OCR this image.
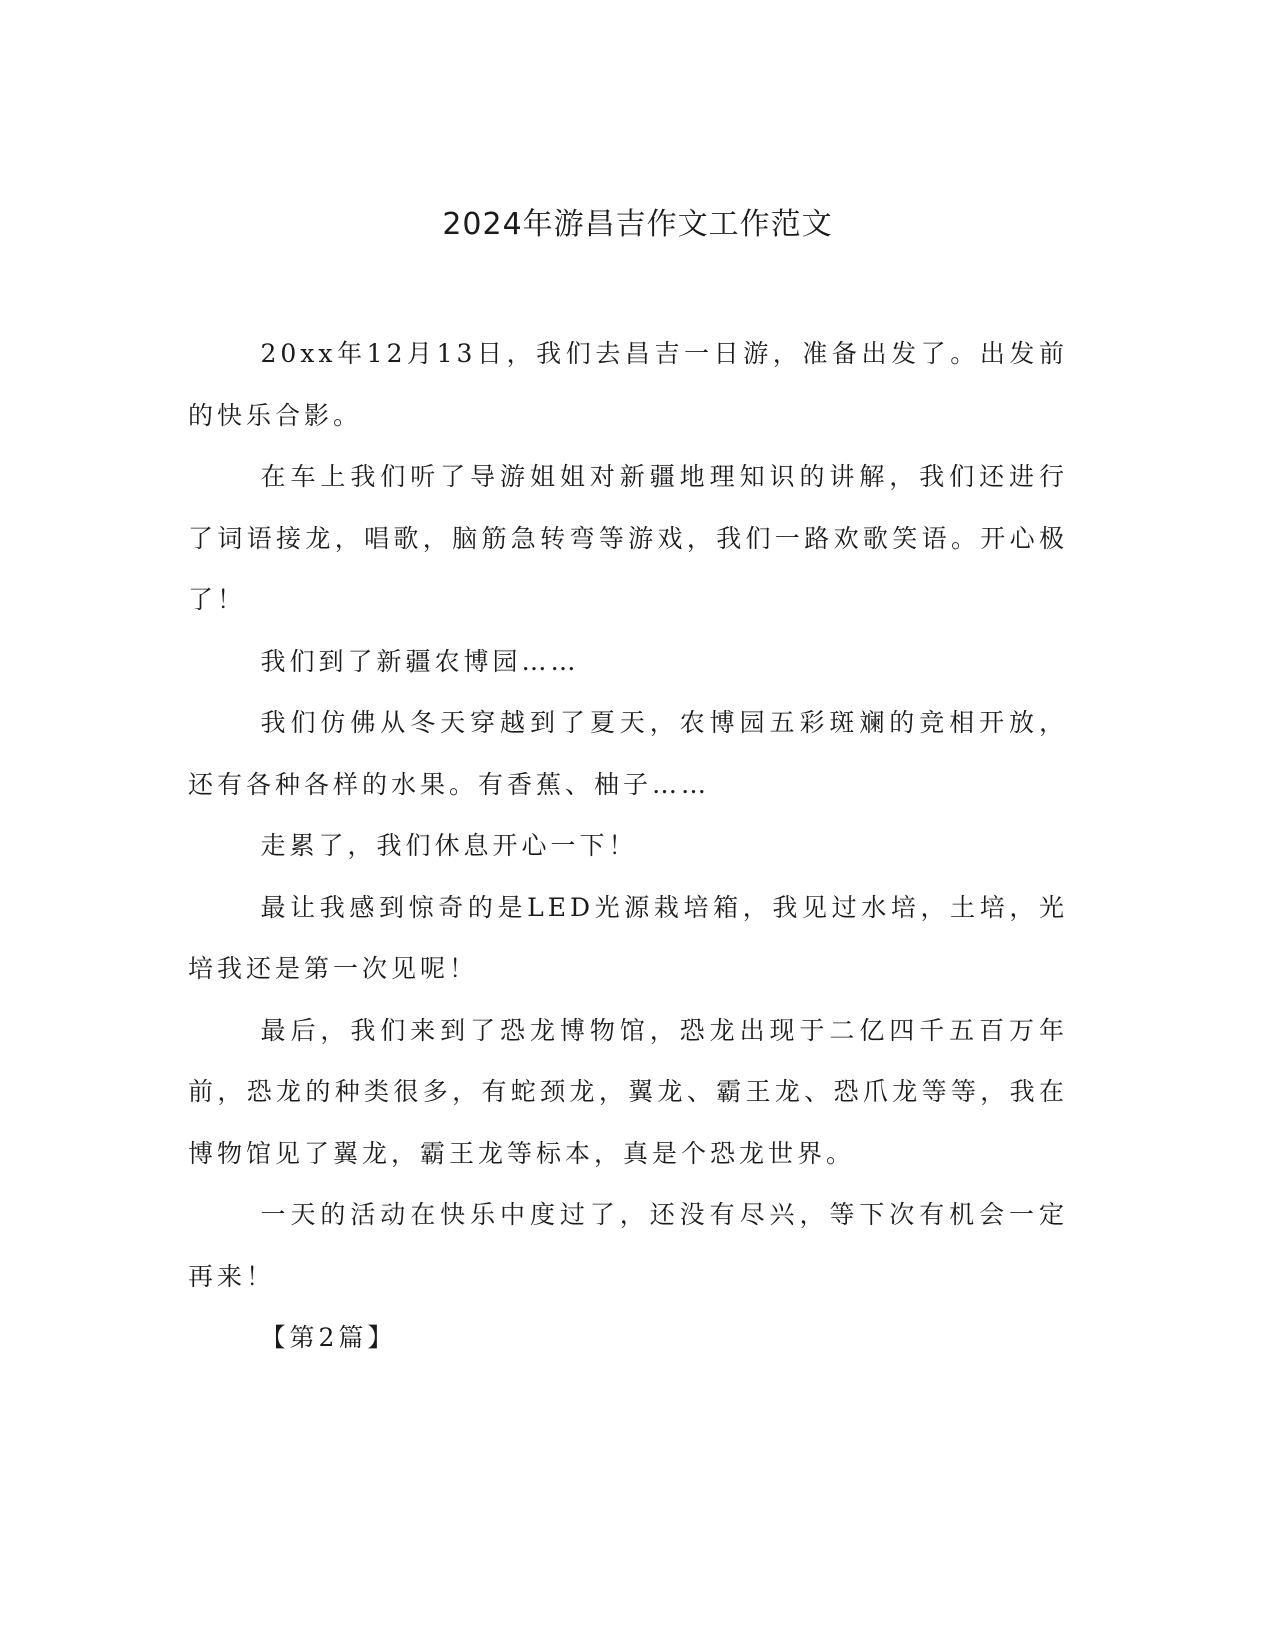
2024年游昌吉作文工作范文

20xx年12月13日，我们去昌吉一日游，准备出发了。出发前的快乐合影。

在车上我们听了导游姐姐对新疆地理知识的讲解，我们还进行了词语接龙，唱歌，脑筋急转弯等游戏，我们一路欢歌笑语。开心极了！

我们到了新疆农博园……

我们仿佛从冬天穿越到了夏天，农博园五彩斑斓的竞相开放，还有各种各样的水果。有香蕉、柚子……

走累了，我们休息开心一下！

最让我感到惊奇的是LED光源栽培箱，我见过水培，土培，光培我还是第一次见呢！

最后，我们来到了恐龙博物馆，恐龙出现于二亿四千五百万年前，恐龙的种类很多，有蛇颈龙，翼龙、霸王龙、恐爪龙等等，我在博物馆见了翼龙，霸王龙等标本，真是个恐龙世界。

一天的活动在快乐中度过了，还没有尽兴，等下次有机会一定再来！

【第2篇】
